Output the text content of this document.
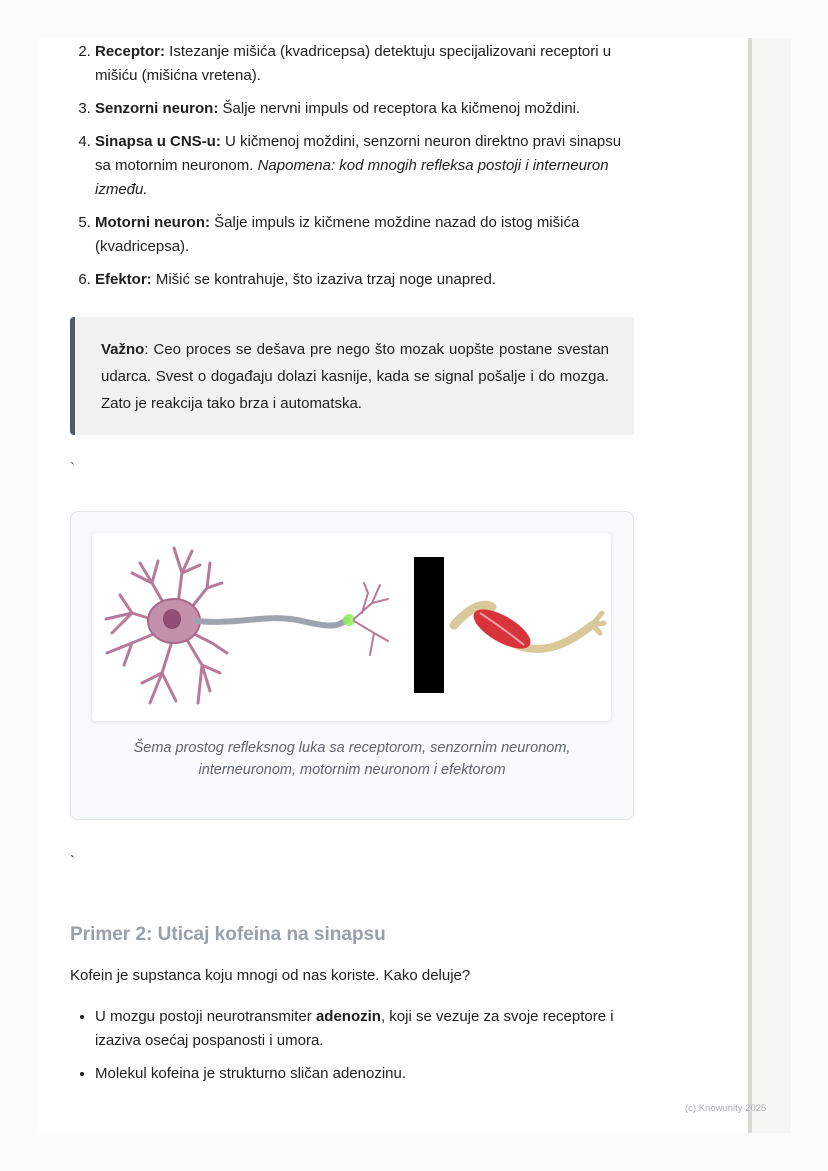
2. Receptor: Istezanje mišića (kvadricepsa) detektuju specijalizovani receptori u mišiću (mišićna vretena).
3. Senzorni neuron: Šalje nervni impuls od receptora ka kičmenoj moždini.
4. Sinapsa u CNS-u: U kičmenoj moždini, senzorni neuron direktno pravi sinapsu sa motornim neuronom. Napomena: kod mnogih refleksa postoji i interneuron između.
5. Motorni neuron: Šalje impuls iz kičmene moždine nazad do istog mišića (kvadricepsa).
6. Efektor: Mišić se kontrahuje, što izaziva trzaj noge unapred.
Važno: Ceo proces se dešava pre nego što mozak uopšte postane svestan udarca. Svest o događaju dolazi kasnije, kada se signal pošalje i do mozga. Zato je reakcija tako brza i automatska.
`
Šema prostog refleksnog luka sa receptorom, senzornim neuronom, interneuronom, motornim neuronom i efektorom
`
Primer 2: Uticaj kofeina na sinapsu
Kofein je supstanca koju mnogi od nas koriste. Kako deluje?
• U mozgu postoji neurotransmiter adenozin, koji se vezuje za svoje receptore i izaziva osećaj pospanosti i umora.
• Molekul kofeina je strukturno sličan adenozinu.
(c) Knowunity 2025
